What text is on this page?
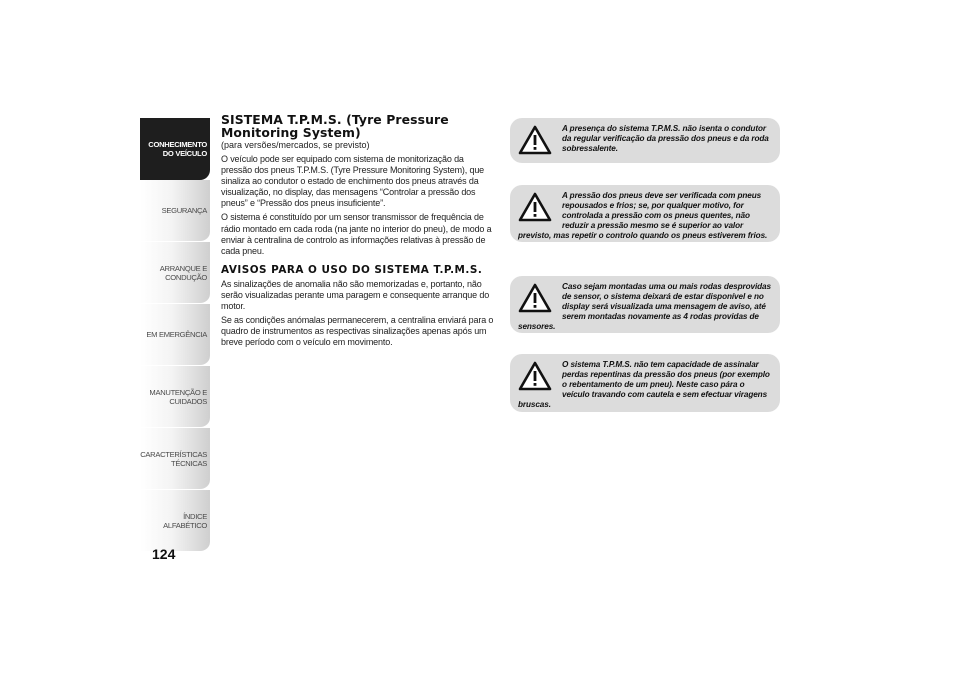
CONHECIMENTO
DO VEÍCULO
SEGURANÇA
ARRANQUE E
CONDUÇÃO
EM EMERGÊNCIA
MANUTENÇÃO E
CUIDADOS
CARACTERÍSTICAS
TÉCNICAS
ÍNDICE ALFABÉTICO
124
SISTEMA T.P.M.S. (Tyre Pressure Monitoring System)
(para versões/mercados, se previsto)

O veículo pode ser equipado com sistema de monitorização da pressão dos pneus T.P.M.S. (Tyre Pressure Monitoring System), que sinaliza ao condutor o estado de enchimento dos pneus através da visualização, no display, das mensagens “Controlar a pressão dos pneus” e “Pressão dos pneus insuficiente”.

O sistema é constituído por um sensor transmissor de frequência de rádio montado em cada roda (na jante no interior do pneu), de modo a enviar à centralina de controlo as informações relativas à pressão de cada pneu.

AVISOS PARA O USO DO SISTEMA T.P.M.S.

As sinalizações de anomalia não são memorizadas e, portanto, não serão visualizadas perante uma paragem e consequente arranque do motor.

Se as condições anómalas permanecerem, a centralina enviará para o quadro de instrumentos as respectivas sinalizações apenas após um breve período com o veículo em movimento.

A presença do sistema T.P.M.S. não isenta o condutor da regular verificação da pressão dos pneus e da roda sobressalente.
A pressão dos pneus deve ser verificada com pneus repousados e frios; se, por qualquer motivo, for controlada a pressão com os pneus quentes, não reduzir a pressão mesmo se é superior ao valor previsto, mas repetir o controlo quando os pneus estiverem frios.
Caso sejam montadas uma ou mais rodas desprovidas de sensor, o sistema deixará de estar disponível e no display será visualizada uma mensagem de aviso, até serem montadas novamente as 4 rodas providas de sensores.
O sistema T.P.M.S. não tem capacidade de assinalar perdas repentinas da pressão dos pneus (por exemplo o rebentamento de um pneu). Neste caso pára o veículo travando com cautela e sem efectuar viragens bruscas.
